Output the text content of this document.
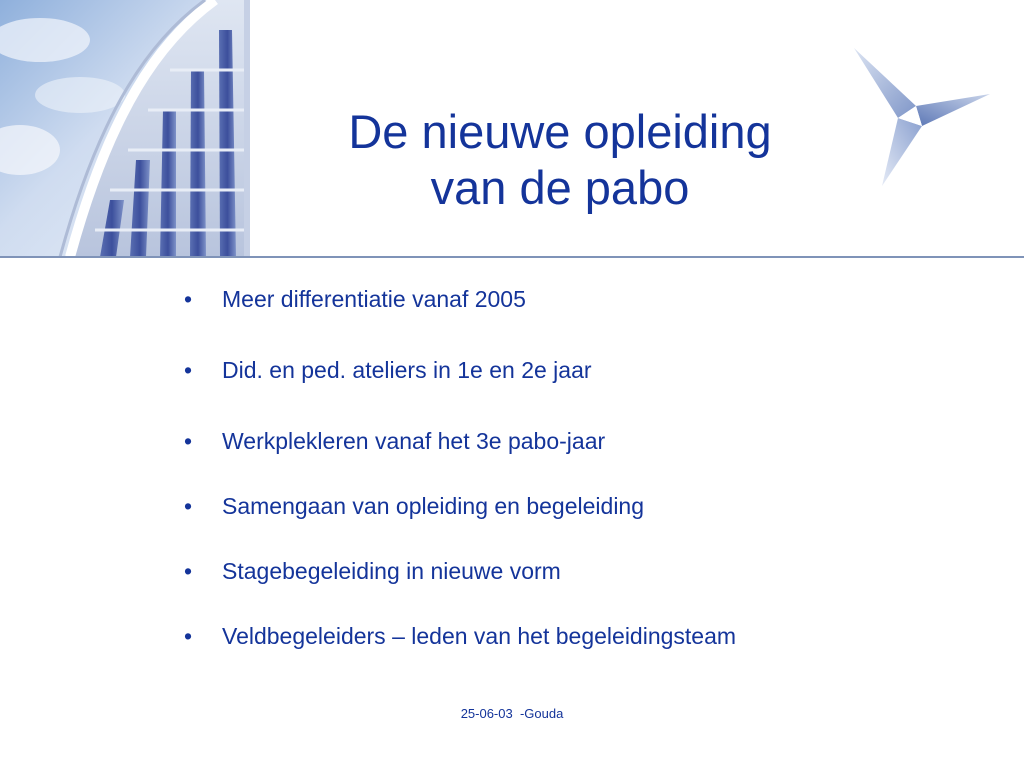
De nieuwe opleiding
van de pabo
• Meer differentiatie vanaf 2005
• Did. en ped. ateliers in 1e en 2e jaar
• Werkplekleren vanaf het 3e pabo-jaar
• Samengaan van opleiding en begeleiding
• Stagebegeleiding in nieuwe vorm
• Veldbegeleiders – leden van het begeleidingsteam
25-06-03  -Gouda
